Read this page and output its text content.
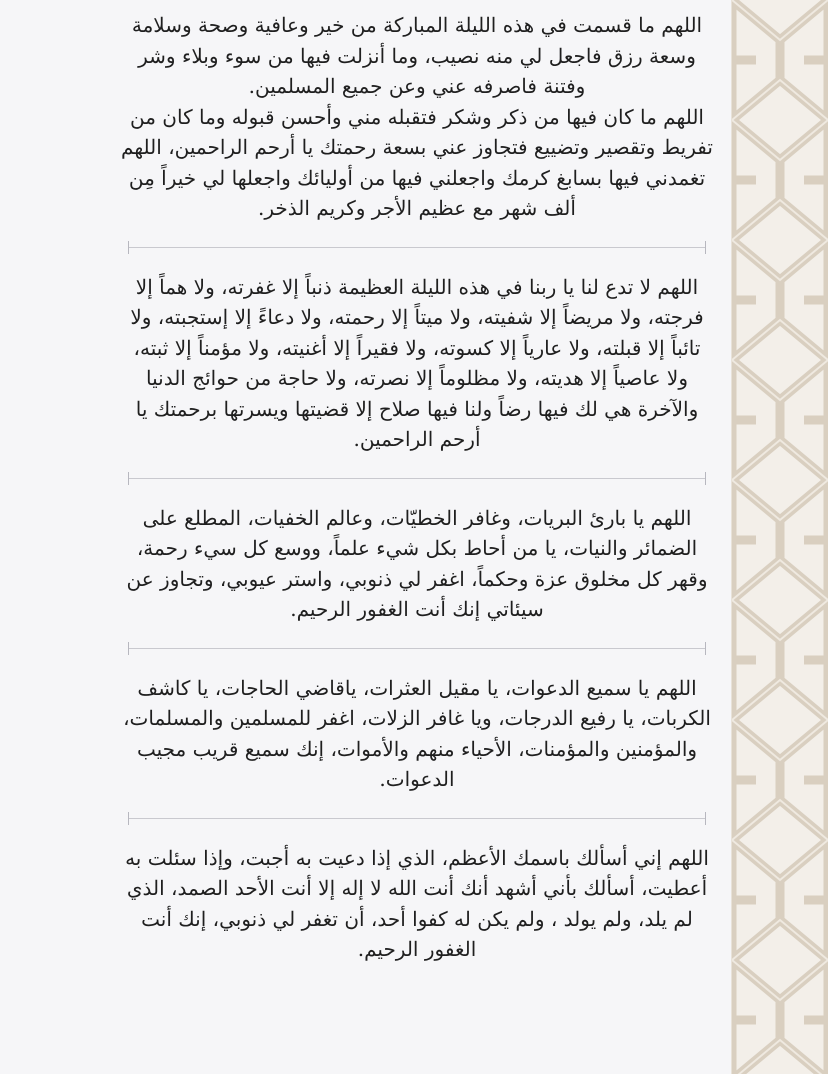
اللهم ما قسمت في هذه الليلة المباركة من خير وعافية وصحة وسلامة وسعة رزق فاجعل لي منه نصيب، وما أنزلت فيها من سوء وبلاء وشر وفتنة فاصرفه عني وعن جميع المسلمين.

اللهم ما كان فيها من ذكر وشكر فتقبله مني وأحسن قبوله وما كان من تفريط وتقصير وتضييع فتجاوز عني بسعة رحمتك يا أرحم الراحمين، اللهم تغمدني فيها بسابغ كرمك واجعلني فيها من أوليائك واجعلها لي خيراً مِن ألف شهر مع عظيم الأجر وكريم الذخر.

اللهم لا تدع لنا يا ربنا في هذه الليلة العظيمة ذنباً إلا غفرته، ولا هماً إلا فرجته، ولا مريضاً إلا شفيته، ولا ميتاً إلا رحمته، ولا دعاءً إلا إستجبته، ولا تائباً إلا قبلته، ولا عارياً إلا كسوته، ولا فقيراً إلا أغنيته، ولا مؤمناً إلا ثبته، ولا عاصياً إلا هديته، ولا مظلوماً إلا نصرته، ولا حاجة من حوائج الدنيا والآخرة هي لك فيها رضاً ولنا فيها صلاح إلا قضيتها ويسرتها برحمتك يا أرحم الراحمين.

اللهم يا بارئ البريات، وغافر الخطيّات، وعالم الخفيات، المطلع على الضمائر والنيات، يا من أحاط بكل شيء علماً، ووسع كل سيء رحمة، وقهر كل مخلوق عزة وحكماً، اغفر لي ذنوبي، واستر عيوبي، وتجاوز عن سيئاتي إنك أنت الغفور الرحيم.

اللهم يا سميع الدعوات، يا مقيل العثرات، ياقاضي الحاجات، يا كاشف الكربات، يا رفيع الدرجات، ويا غافر الزلات، اغفر للمسلمين والمسلمات، والمؤمنين والمؤمنات، الأحياء منهم والأموات، إنك سميع قريب مجيب الدعوات.

اللهم إني أسألك باسمك الأعظم، الذي إذا دعيت به أجبت، وإذا سئلت به أعطيت، أسألك بأني أشهد أنك أنت الله لا إله إلا أنت الأحد الصمد، الذي لم يلد، ولم يولد ، ولم يكن له كفوا أحد، أن تغفر لي ذنوبي، إنك أنت الغفور الرحيم.
